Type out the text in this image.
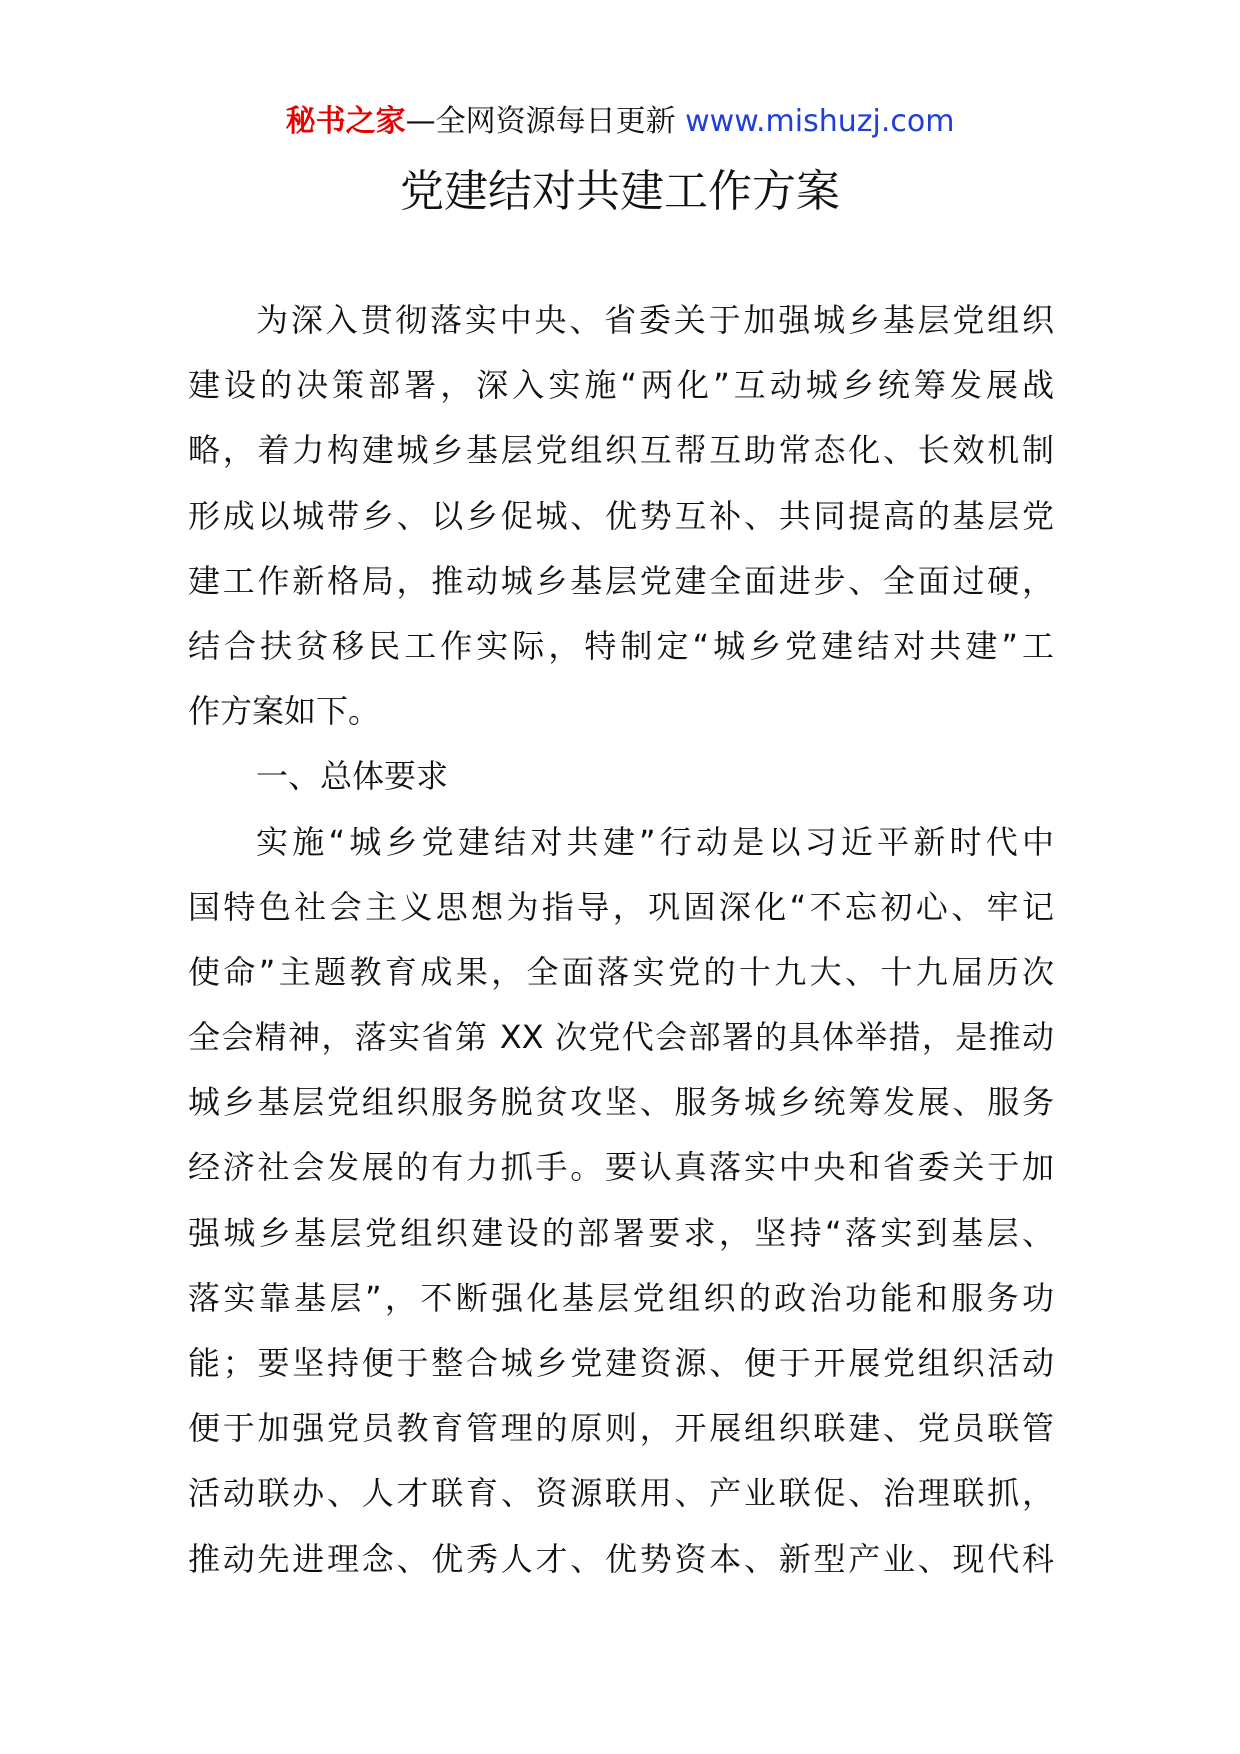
秘书之家—全网资源每日更新 www.mishuzj.com
党建结对共建工作方案
为深入贯彻落实中央、省委关于加强城乡基层党组织
建设的决策部署，深入实施“两化”互动城乡统筹发展战
略，着力构建城乡基层党组织互帮互助常态化、长效机制
形成以城带乡、以乡促城、优势互补、共同提高的基层党
建工作新格局，推动城乡基层党建全面进步、全面过硬，
结合扶贫移民工作实际，特制定“城乡党建结对共建”工
作方案如下。
一、总体要求
实施“城乡党建结对共建”行动是以习近平新时代中
国特色社会主义思想为指导，巩固深化“不忘初心、牢记
使命”主题教育成果，全面落实党的十九大、十九届历次
全会精神，落实省第 XX 次党代会部署的具体举措，是推动
城乡基层党组织服务脱贫攻坚、服务城乡统筹发展、服务
经济社会发展的有力抓手。要认真落实中央和省委关于加
强城乡基层党组织建设的部署要求，坚持“落实到基层、
落实靠基层”，不断强化基层党组织的政治功能和服务功
能；要坚持便于整合城乡党建资源、便于开展党组织活动
便于加强党员教育管理的原则，开展组织联建、党员联管
活动联办、人才联育、资源联用、产业联促、治理联抓，
推动先进理念、优秀人才、优势资本、新型产业、现代科
